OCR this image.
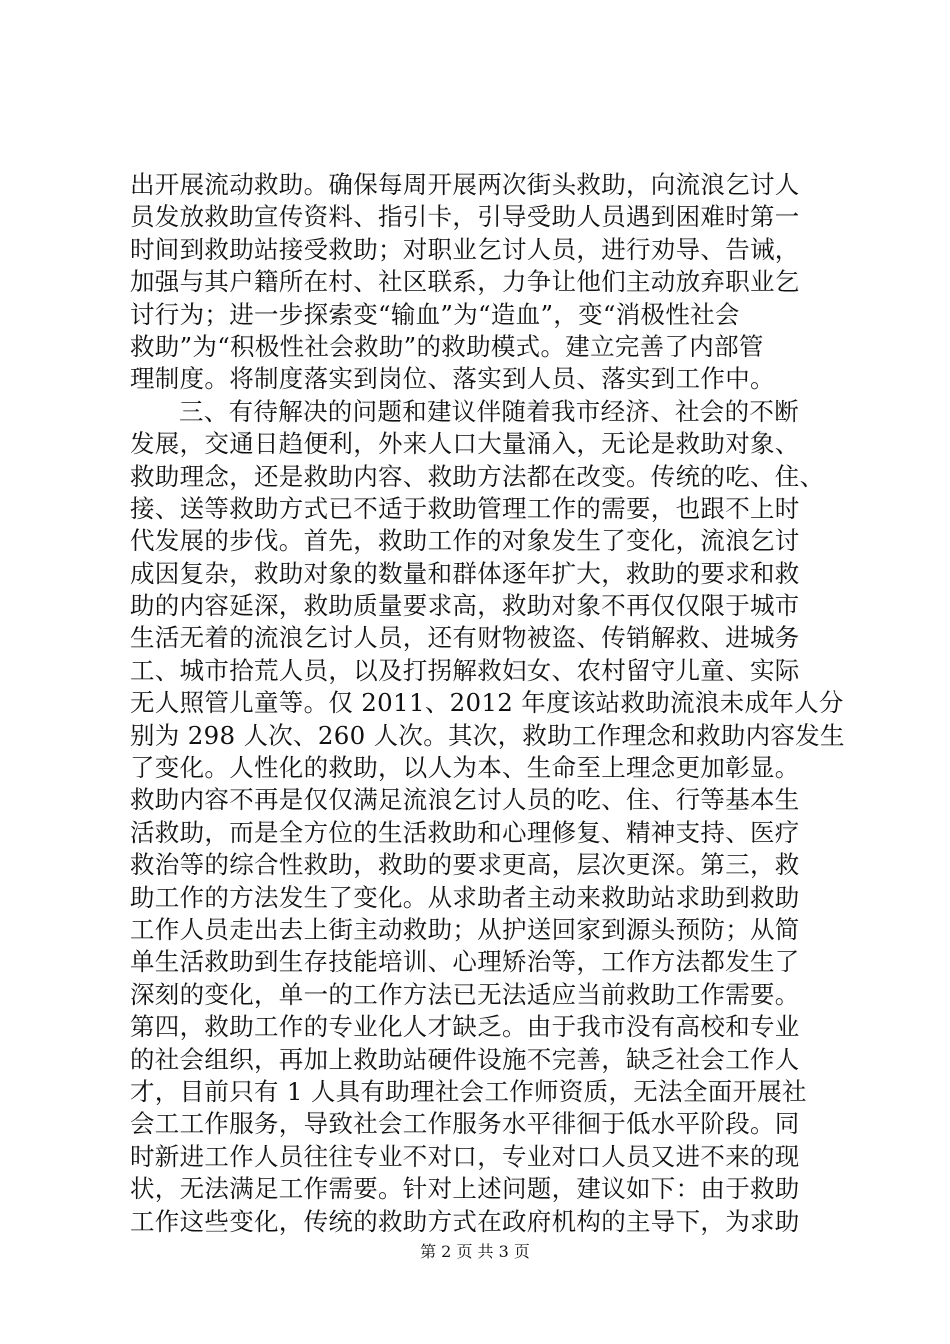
出开展流动救助。确保每周开展两次街头救助，向流浪乞讨人
员发放救助宣传资料、指引卡，引导受助人员遇到困难时第一
时间到救助站接受救助；对职业乞讨人员，进行劝导、告诫，
加强与其户籍所在村、社区联系，力争让他们主动放弃职业乞
讨行为；进一步探索变“输血”为“造血”，变“消极性社会
救助”为“积极性社会救助”的救助模式。建立完善了内部管
理制度。将制度落实到岗位、落实到人员、落实到工作中。
三、有待解决的问题和建议伴随着我市经济、社会的不断
发展，交通日趋便利，外来人口大量涌入，无论是救助对象、
救助理念，还是救助内容、救助方法都在改变。传统的吃、住、
接、送等救助方式已不适于救助管理工作的需要，也跟不上时
代发展的步伐。首先，救助工作的对象发生了变化，流浪乞讨
成因复杂，救助对象的数量和群体逐年扩大，救助的要求和救
助的内容延深，救助质量要求高，救助对象不再仅仅限于城市
生活无着的流浪乞讨人员，还有财物被盗、传销解救、进城务
工、城市拾荒人员，以及打拐解救妇女、农村留守儿童、实际
无人照管儿童等。仅 2011、2012 年度该站救助流浪未成年人分
别为 298 人次、260 人次。其次，救助工作理念和救助内容发生
了变化。人性化的救助，以人为本、生命至上理念更加彰显。
救助内容不再是仅仅满足流浪乞讨人员的吃、住、行等基本生
活救助，而是全方位的生活救助和心理修复、精神支持、医疗
救治等的综合性救助，救助的要求更高，层次更深。第三，救
助工作的方法发生了变化。从求助者主动来救助站求助到救助
工作人员走出去上街主动救助；从护送回家到源头预防；从简
单生活救助到生存技能培训、心理矫治等，工作方法都发生了
深刻的变化，单一的工作方法已无法适应当前救助工作需要。
第四，救助工作的专业化人才缺乏。由于我市没有高校和专业
的社会组织，再加上救助站硬件设施不完善，缺乏社会工作人
才，目前只有 1 人具有助理社会工作师资质，无法全面开展社
会工工作服务，导致社会工作服务水平徘徊于低水平阶段。同
时新进工作人员往往专业不对口，专业对口人员又进不来的现
状，无法满足工作需要。针对上述问题，建议如下：由于救助
工作这些变化，传统的救助方式在政府机构的主导下，为求助
第 2 页 共 3 页
